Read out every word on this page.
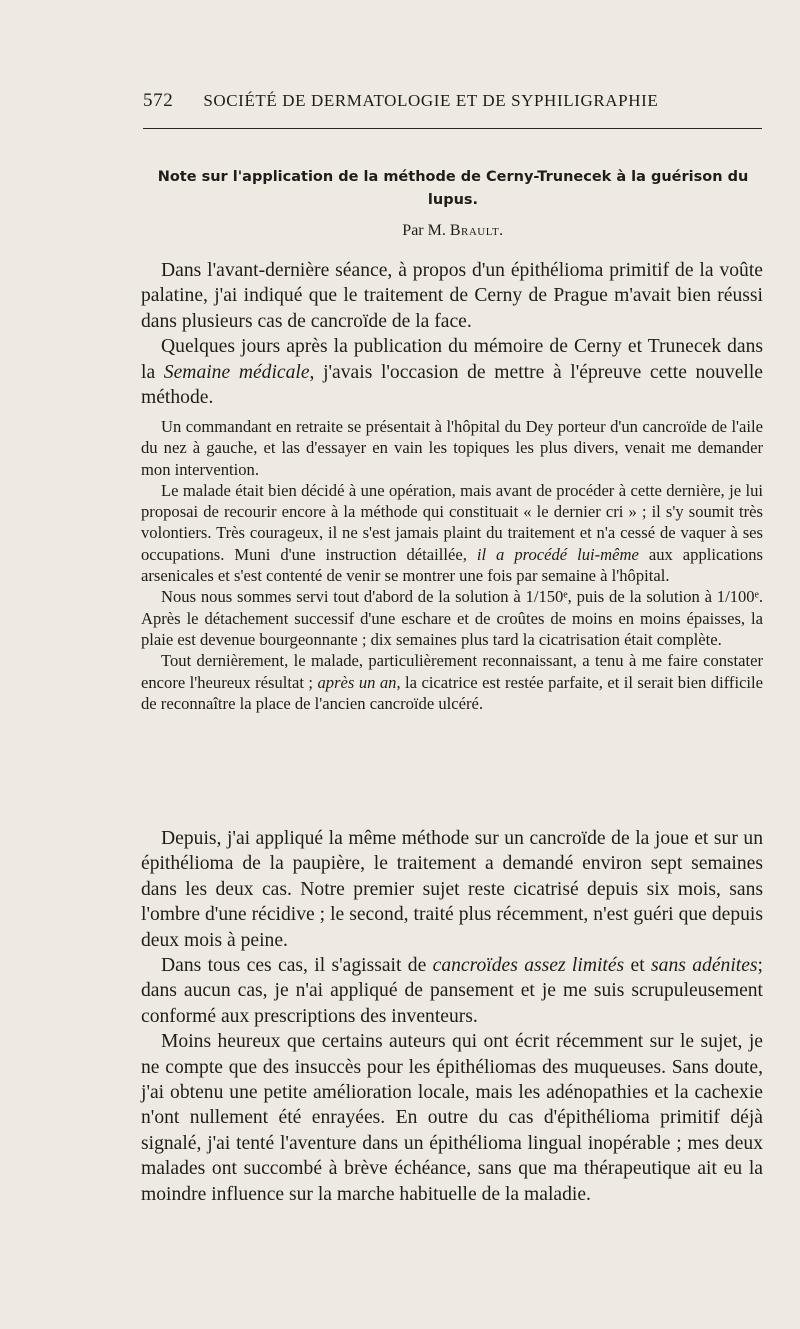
572 SOCIÉTÉ DE DERMATOLOGIE ET DE SYPHILIGRAPHIE
Note sur l'application de la méthode de Cerny-Trunecek à la guérison du lupus.
Par M. Brault.

Dans l'avant-dernière séance, à propos d'un épithélioma primitif de la voûte palatine, j'ai indiqué que le traitement de Cerny de Prague m'avait bien réussi dans plusieurs cas de cancroïde de la face.

Quelques jours après la publication du mémoire de Cerny et Trunecek dans la Semaine médicale, j'avais l'occasion de mettre à l'épreuve cette nouvelle méthode.

Un commandant en retraite se présentait à l'hôpital du Dey porteur d'un cancroïde de l'aile du nez à gauche, et las d'essayer en vain les topiques les plus divers, venait me demander mon intervention.

Le malade était bien décidé à une opération, mais avant de procéder à cette dernière, je lui proposai de recourir encore à la méthode qui constituait « le dernier cri » ; il s'y soumit très volontiers. Très courageux, il ne s'est jamais plaint du traitement et n'a cessé de vaquer à ses occupations. Muni d'une instruction détaillée, il a procédé lui-même aux applications arsenicales et s'est contenté de venir se montrer une fois par semaine à l'hôpital.

Nous nous sommes servi tout d'abord de la solution à 1/150ᵉ, puis de la solution à 1/100ᵉ. Après le détachement successif d'une eschare et de croûtes de moins en moins épaisses, la plaie est devenue bourgeonnante ; dix semaines plus tard la cicatrisation était complète.

Tout dernièrement, le malade, particulièrement reconnaissant, a tenu à me faire constater encore l'heureux résultat ; après un an, la cicatrice est restée parfaite, et il serait bien difficile de reconnaître la place de l'ancien cancroïde ulcéré.

Depuis, j'ai appliqué la même méthode sur un cancroïde de la joue et sur un épithélioma de la paupière, le traitement a demandé environ sept semaines dans les deux cas. Notre premier sujet reste cicatrisé depuis six mois, sans l'ombre d'une récidive ; le second, traité plus récemment, n'est guéri que depuis deux mois à peine.

Dans tous ces cas, il s'agissait de cancroïdes assez limités et sans adénites; dans aucun cas, je n'ai appliqué de pansement et je me suis scrupuleusement conformé aux prescriptions des inventeurs.

Moins heureux que certains auteurs qui ont écrit récemment sur le sujet, je ne compte que des insuccès pour les épithéliomas des muqueuses. Sans doute, j'ai obtenu une petite amélioration locale, mais les adénopathies et la cachexie n'ont nullement été enrayées. En outre du cas d'épithélioma primitif déjà signalé, j'ai tenté l'aventure dans un épithélioma lingual inopérable ; mes deux malades ont succombé à brève échéance, sans que ma thérapeutique ait eu la moindre influence sur la marche habituelle de la maladie.
